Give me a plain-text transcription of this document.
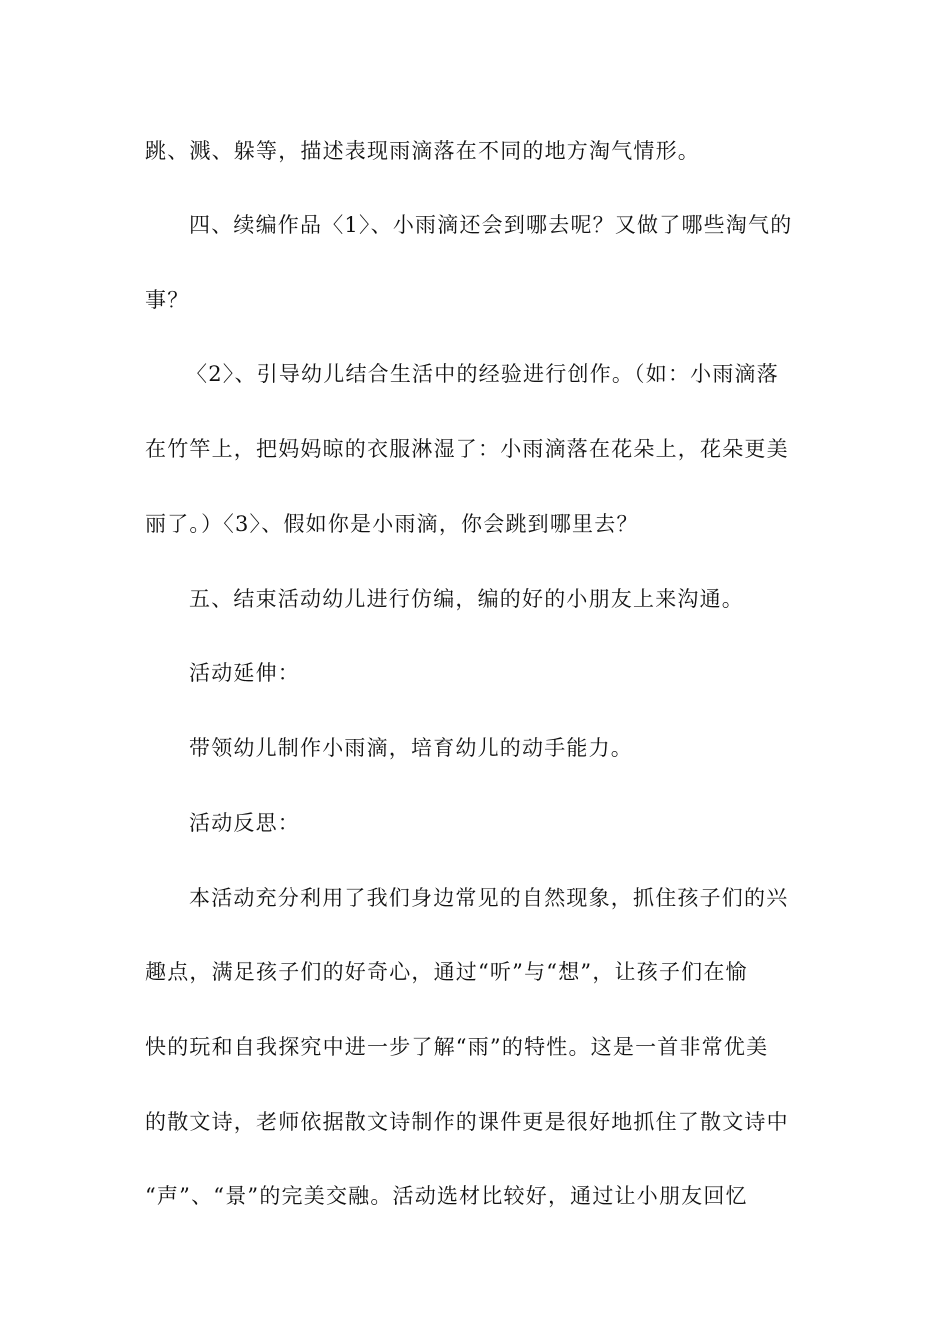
跳、溅、躲等，描述表现雨滴落在不同的地方淘气情形。
四、续编作品〈1〉、小雨滴还会到哪去呢？又做了哪些淘气的
事？
〈2〉、引导幼儿结合生活中的经验进行创作。（如：小雨滴落
在竹竿上，把妈妈晾的衣服淋湿了：小雨滴落在花朵上，花朵更美
丽了。）〈3〉、假如你是小雨滴，你会跳到哪里去？
五、结束活动幼儿进行仿编，编的好的小朋友上来沟通。
活动延伸：
带领幼儿制作小雨滴，培育幼儿的动手能力。
活动反思：
本活动充分利用了我们身边常见的自然现象，抓住孩子们的兴
趣点，满足孩子们的好奇心，通过“听”与“想”，让孩子们在愉
快的玩和自我探究中进一步了解“雨”的特性。这是一首非常优美
的散文诗，老师依据散文诗制作的课件更是很好地抓住了散文诗中
“声”、“景”的完美交融。活动选材比较好，通过让小朋友回忆
